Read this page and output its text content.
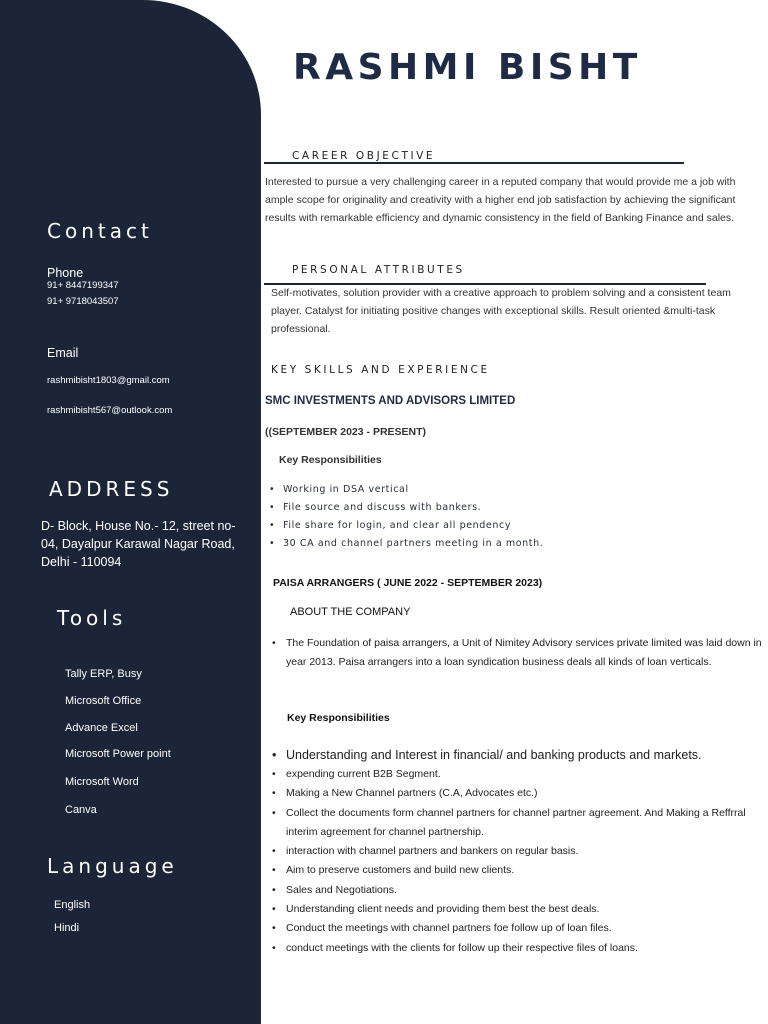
Contact
Phone
91+ 8447199347
91+ 9718043507
Email
rashmibisht1803@gmail.com
rashmibisht567@outlook.com
ADDRESS
D- Block, House No.- 12, street no- 04, Dayalpur Karawal Nagar Road, Delhi - 110094
Tools
Tally ERP, Busy
Microsoft Office
Advance Excel
Microsoft Power point
Microsoft Word
Canva
Language
English
Hindi
RASHMI BISHT
CAREER OBJECTIVE

Interested to pursue a very challenging career in a reputed company that would provide me a job with ample scope for originality and creativity with a higher end job satisfaction by achieving the significant results with remarkable efficiency and dynamic consistency in the field of Banking Finance and sales.

PERSONAL ATTRIBUTES

Self-motivates, solution provider with a creative approach to problem solving and a consistent team player. Catalyst for initiating positive changes with exceptional skills. Result oriented &multi-task professional.

KEY SKILLS AND EXPERIENCE
SMC INVESTMENTS AND ADVISORS LIMITED
((SEPTEMBER 2023 - PRESENT)
Key Responsibilities
• Working in DSA vertical
• File source and discuss with bankers.
• File share for login, and clear all pendency
• 30 CA and channel partners meeting in a month.
PAISA ARRANGERS ( JUNE 2022 - SEPTEMBER 2023)
ABOUT THE COMPANY
• The Foundation of paisa arrangers, a Unit of Nimitey Advisory services private limited was laid down in year 2013. Paisa arrangers into a loan syndication business deals all kinds of loan verticals.
Key Responsibilities
• Understanding and Interest in financial/ and banking products and markets.
• expending current B2B Segment.
• Making a New Channel partners (C.A, Advocates etc.)
• Collect the documents form channel partners for channel partner agreement. And Making a Reffrral interim agreement for channel partnership.
• interaction with channel partners and bankers on regular basis.
• Aim to preserve customers and build new clients.
• Sales and Negotiations.
• Understanding client needs and providing them best the best deals.
• Conduct the meetings with channel partners foe follow up of loan files.
• conduct meetings with the clients for follow up their respective files of loans.
